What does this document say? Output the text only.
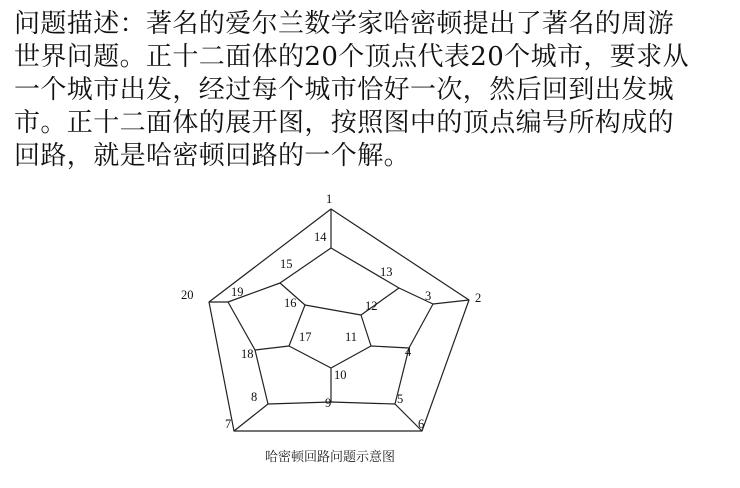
问题描述：著名的爱尔兰数学家哈密顿提出了著名的周游
世界问题。正十二面体的20个顶点代表20个城市，要求从
一个城市出发，经过每个城市恰好一次，然后回到出发城
市。正十二面体的展开图，按照图中的顶点编号所构成的
回路，就是哈密顿回路的一个解。
1
2
3
4
5
6
7
8	9
10
11
12
13
14
15
16
17
18
19
20
哈密顿回路问题示意图
